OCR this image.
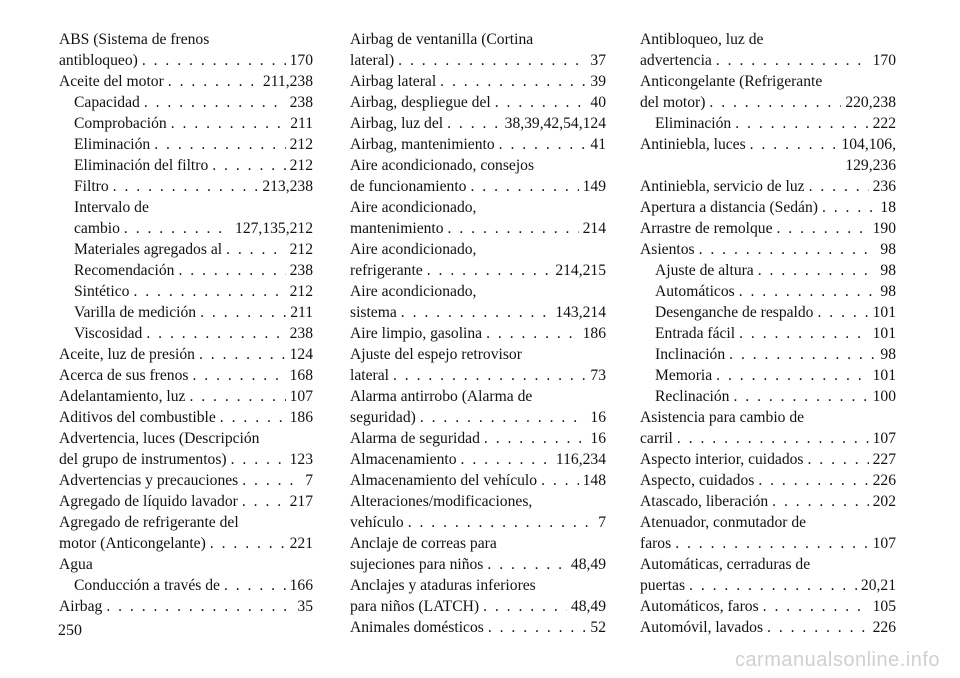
ABS (Sistema de frenos
antibloqueo) . . .	170
Aceite del motor . . .	211,238
Capacidad . . .	238
Comprobación . . .	211
Eliminación . . .	212
Eliminación del filtro . . .	212
Filtro . . .	213,238
Intervalo de
cambio . . .	127,135,212
Materiales agregados al . . .	212
Recomendación . . .	238
Sintético . . .	212
Varilla de medición . . .	211
Viscosidad . . .	238
Aceite, luz de presión . . .	124
Acerca de sus frenos . . .	168
Adelantamiento, luz . . .	107
Aditivos del combustible . . .	186
Advertencia, luces (Descripción
del grupo de instrumentos) . . .	123
Advertencias y precauciones . . .	7
Agregado de líquido lavador . . .	217
Agregado de refrigerante del
motor (Anticongelante) . . .	221
Agua
Conducción a través de . . .	166
Airbag . . .	35
Airbag de ventanilla (Cortina
lateral) . . .	37
Airbag lateral . . .	39
Airbag, despliegue del . . .	40
Airbag, luz del . . .	38,39,42,54,124
Airbag, mantenimiento . . .	41
Aire acondicionado, consejos
de funcionamiento . . .	149
Aire acondicionado,
mantenimiento . . .	214
Aire acondicionado,
refrigerante . . .	214,215
Aire acondicionado,
sistema . . .	143,214
Aire limpio, gasolina . . .	186
Ajuste del espejo retrovisor
lateral . . .	73
Alarma antirrobo (Alarma de
seguridad) . . .	16
Alarma de seguridad . . .	16
Almacenamiento . . .	116,234
Almacenamiento del vehículo . . .	148
Alteraciones/modificaciones,
vehículo . . .	7
Anclaje de correas para
sujeciones para niños . . .	48,49
Anclajes y ataduras inferiores
para niños (LATCH) . . .	48,49
Animales domésticos . . .	52
Antibloqueo, luz de
advertencia . . .	170
Anticongelante (Refrigerante
del motor) . . .	220,238
Eliminación . . .	222
Antiniebla, luces . . .	104,106,
129,236
Antiniebla, servicio de luz . . .	236
Apertura a distancia (Sedán) . . .	18
Arrastre de remolque . . .	190
Asientos . . .	98
Ajuste de altura . . .	98
Automáticos . . .	98
Desenganche de respaldo . . .	101
Entrada fácil . . .	101
Inclinación . . .	98
Memoria . . .	101
Reclinación . . .	100
Asistencia para cambio de
carril . . .	107
Aspecto interior, cuidados . . .	227
Aspecto, cuidados . . .	226
Atascado, liberación . . .	202
Atenuador, conmutador de
faros . . .	107
Automáticas, cerraduras de
puertas . . .	20,21
Automáticos, faros . . .	105
Automóvil, lavados . . .	226
250
carmanualsonline.info
